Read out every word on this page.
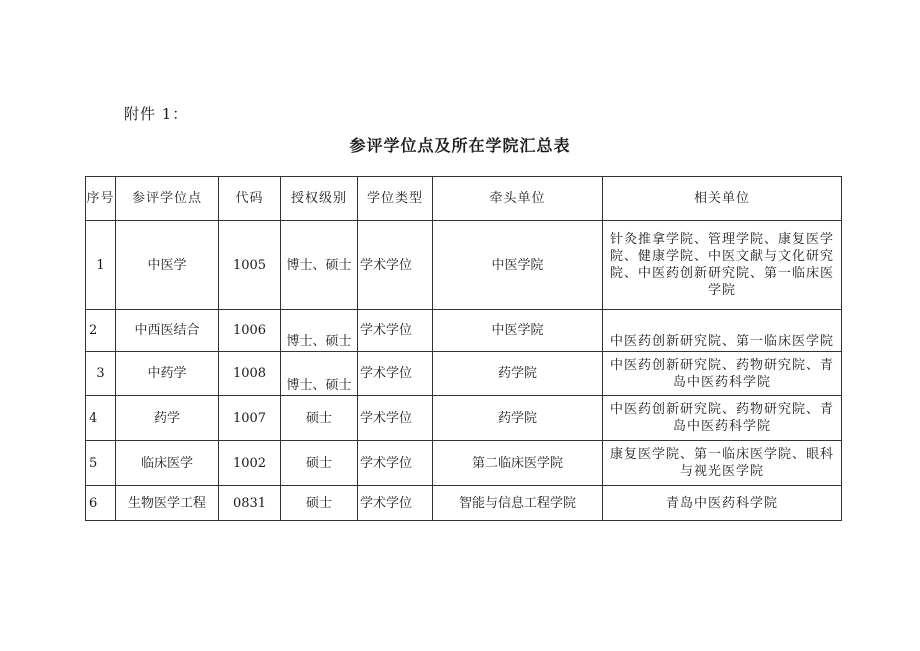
附件 1：
参评学位点及所在学院汇总表
序号	参评学位点	代码	授权级别	学位类型	牵头单位	相关单位
1	中医学	1005	博士、硕士	学术学位	中医学院	针灸推拿学院、管理学院、康复医学院、健康学院、中医文献与文化研究院、中医药创新研究院、第一临床医学院
2	中西医结合	1006	博士、硕士	学术学位	中医学院	中医药创新研究院、第一临床医学院
3	中药学	1008	博士、硕士	学术学位	药学院	中医药创新研究院、药物研究院、青岛中医药科学院
4	药学	1007	硕士	学术学位	药学院	中医药创新研究院、药物研究院、青岛中医药科学院
5	临床医学	1002	硕士	学术学位	第二临床医学院	康复医学院、第一临床医学院、眼科与视光医学院
6	生物医学工程	0831	硕士	学术学位	智能与信息工程学院	青岛中医药科学院
